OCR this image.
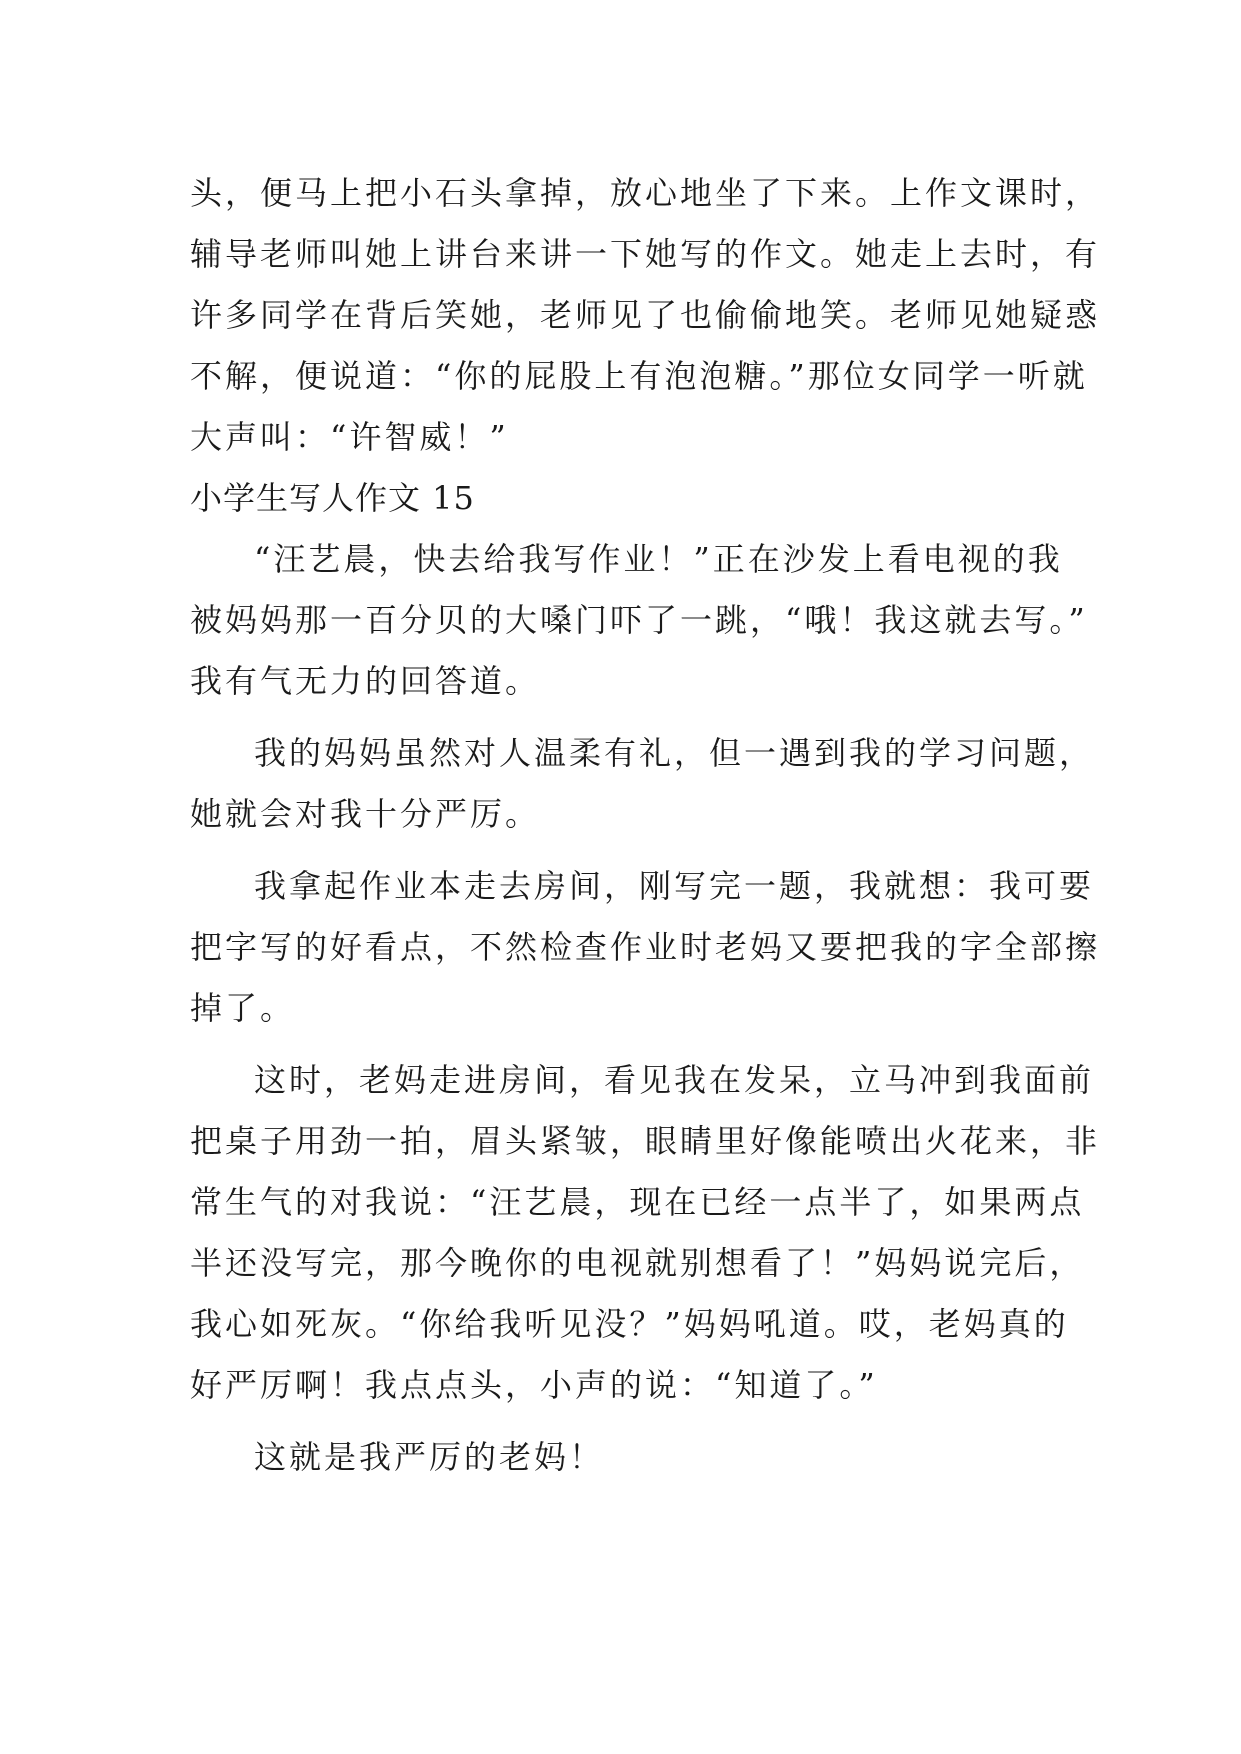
头，便马上把小石头拿掉，放心地坐了下来。上作文课时，
辅导老师叫她上讲台来讲一下她写的作文。她走上去时，有
许多同学在背后笑她，老师见了也偷偷地笑。老师见她疑惑
不解，便说道：“你的屁股上有泡泡糖。”那位女同学一听就
大声叫：“许智威！”
小学生写人作文 15
“汪艺晨，快去给我写作业！”正在沙发上看电视的我
被妈妈那一百分贝的大嗓门吓了一跳，“哦！我这就去写。”
我有气无力的回答道。
我的妈妈虽然对人温柔有礼，但一遇到我的学习问题，
她就会对我十分严厉。
我拿起作业本走去房间，刚写完一题，我就想：我可要
把字写的好看点，不然检查作业时老妈又要把我的字全部擦
掉了。
这时，老妈走进房间，看见我在发呆，立马冲到我面前
把桌子用劲一拍，眉头紧皱，眼睛里好像能喷出火花来，非
常生气的对我说：“汪艺晨，现在已经一点半了，如果两点
半还没写完，那今晚你的电视就别想看了！”妈妈说完后，
我心如死灰。“你给我听见没？”妈妈吼道。哎，老妈真的
好严厉啊！我点点头，小声的说：“知道了。”
这就是我严厉的老妈！
